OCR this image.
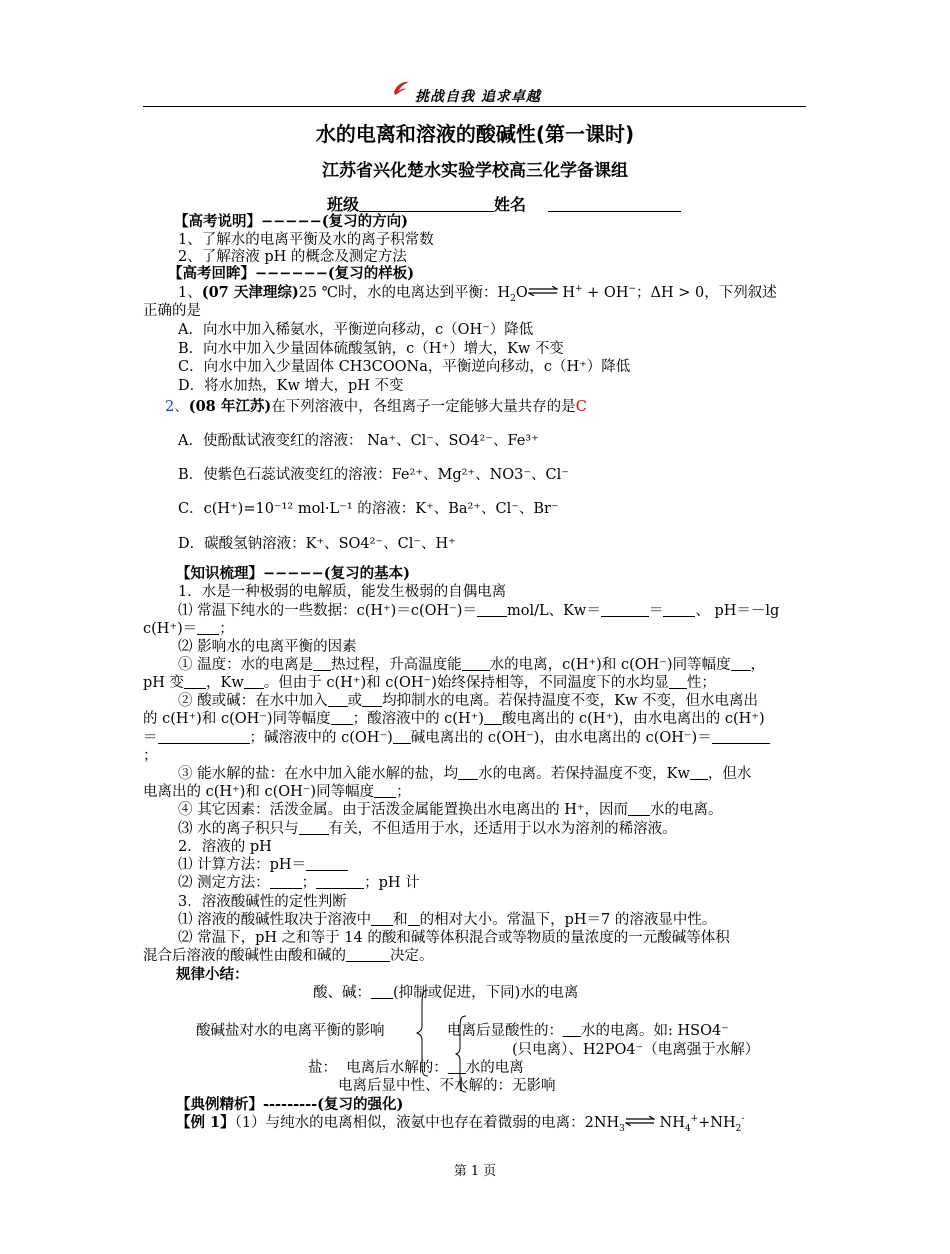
挑战自我 追求卓越
水的电离和溶液的酸碱性(第一课时)
江苏省兴化楚水实验学校高三化学备课组
班级	姓名
【高考说明】−−−−−(复习的方向)
1、了解水的电离平衡及水的离子积常数
2、了解溶液 pH 的概念及测定方法
【高考回眸】−−−−−−(复习的样板)
1、(07 天津理综)25 ℃时，水的电离达到平衡：$H_2O\rightleftharpoons$ H+ + OH−；ΔH > 0，下列叙述
正确的是
A．向水中加入稀氨水，平衡逆向移动，c（OH⁻）降低
B．向水中加入少量固体硫酸氢钠，c（H⁺）增大，Kw 不变
C．向水中加入少量固体 CH3COONa，平衡逆向移动，c（H⁺）降低
D．将水加热，Kw 增大，pH 不变
2、(08 年江苏)在下列溶液中，各组离子一定能够大量共存的是C
A．使酚酞试液变红的溶液： Na⁺、Cl⁻、SO4²⁻、Fe³⁺
B．使紫色石蕊试液变红的溶液：Fe²⁺、Mg²⁺、NO3⁻、Cl⁻
C．c(H⁺)=10⁻¹² mol·L⁻¹ 的溶液：K⁺、Ba²⁺、Cl⁻、Br⁻
D．碳酸氢钠溶液：K⁺、SO4²⁻、Cl⁻、H⁺
【知识梳理】−−−−−(复习的基本)
1．水是一种极弱的电解质，能发生极弱的自偶电离
⑴ 常温下纯水的一些数据：c(H⁺)＝c(OH⁻)＝ mol/L、Kw＝	＝ 、 pH＝－lg
c(H⁺)＝ ；
⑵ 影响水的电离平衡的因素
① 温度：水的电离是 热过程，升高温度能 水的电离，c(H⁺)和 c(OH⁻)同等幅度 ，
pH 变 ，Kw 。但由于 c(H⁺)和 c(OH⁻)始终保持相等，不同温度下的水均显 性；
② 酸或碱：在水中加入 或 均抑制水的电离。若保持温度不变，Kw 不变，但水电离出
的 c(H⁺)和 c(OH⁻)同等幅度 ；酸溶液中的 c(H⁺) 酸电离出的 c(H⁺)，由水电离出的 c(H⁺)
＝	；碱溶液中的 c(OH⁻) 碱电离出的 c(OH⁻)，由水电离出的 c(OH⁻)＝
；
③ 能水解的盐：在水中加入能水解的盐，均 水的电离。若保持温度不变，Kw ，但水
电离出的 c(H⁺)和 c(OH⁻)同等幅度 ；
④ 其它因素：活泼金属。由于活泼金属能置换出水电离出的 H⁺，因而 水的电离。
⑶ 水的离子积只与 有关，不但适用于水，还适用于以水为溶剂的稀溶液。
2．溶液的 pH
⑴ 计算方法：pH＝
⑵ 测定方法： ；	；pH 计
3．溶液酸碱性的定性判断
⑴ 溶液的酸碱性取决于溶液中 和 的相对大小。常温下，pH＝7 的溶液显中性。
⑵ 常温下，pH 之和等于 14 的酸和碱等体积混合或等物质的量浓度的一元酸碱等体积
混合后溶液的酸碱性由酸和碱的	决定。
规律小结：
酸、碱： (抑制或促进，下同)水的电离
酸碱盐对水的电离平衡的影响	电离后显酸性的： 水的电离。如: HSO4⁻
(只电离）、H2PO4⁻（电离强于水解）
盐： 电离后水解的： 水的电离
电离后显中性、不水解的：无影响
【典例精析】---------(复习的强化)
【例 1】（1）与纯水的电离相似，液氨中也存在着微弱的电离：$2NH_3$ ⇌ $NH_4^++NH_2^-$
第 1 页
